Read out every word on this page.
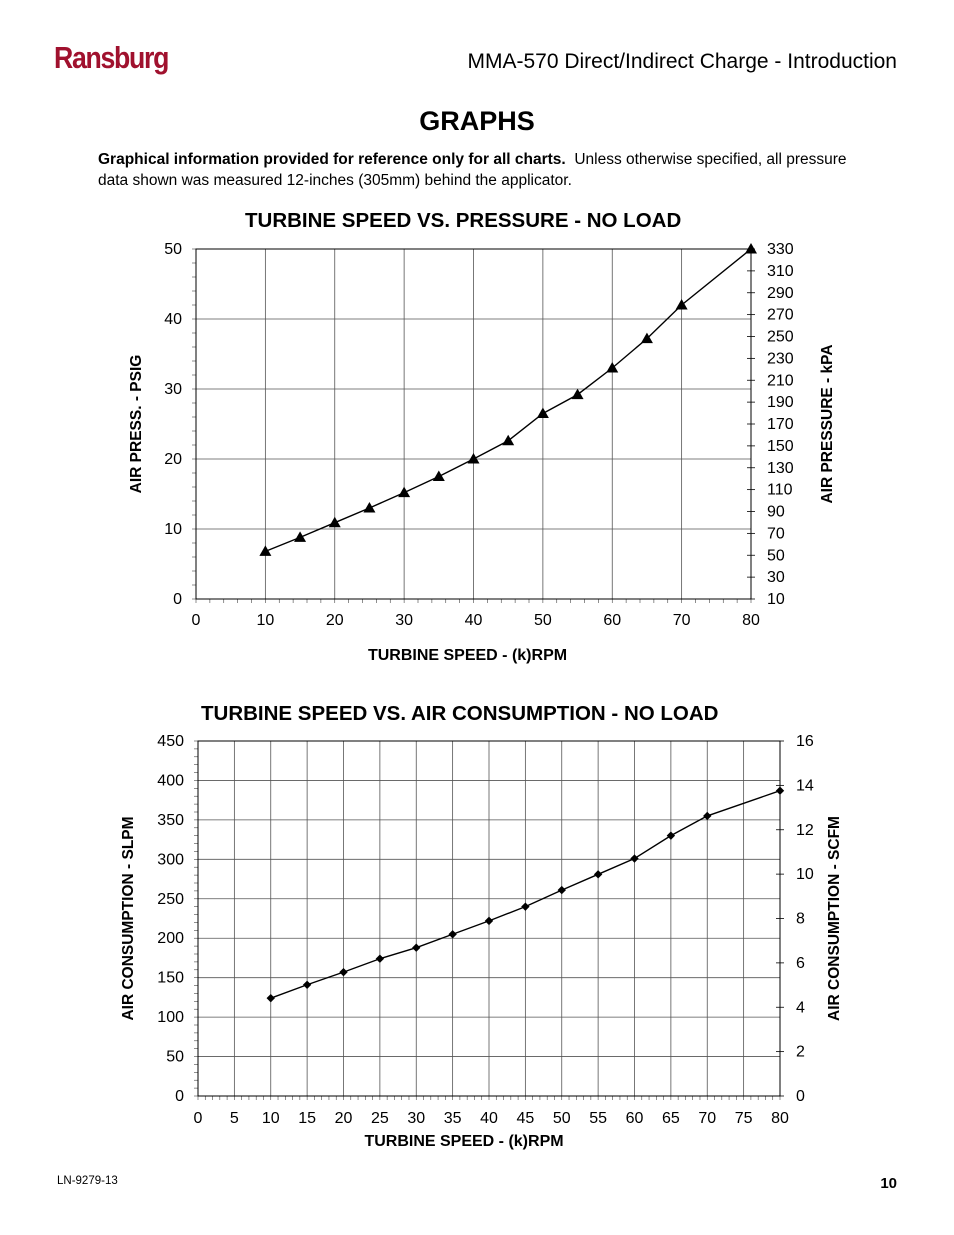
Ransburg	MMA-570 Direct/Indirect Charge - Introduction
GRAPHS
Graphical information provided for reference only for all charts. Unless otherwise specified, all pressure data shown was measured 12-inches (305mm) behind the applicator.
TURBINE SPEED VS. PRESSURE - NO LOAD
0	10	20	30	40	50	60	70	80
0
10
20
30
40
50
10
30
50
70
90
110
130
150
170
190
210
230
250
270
290
310
330
TURBINE SPEED - (k)RPM
AIR PRESS. - PSIG	AIR PRESSURE - kPA
TURBINE SPEED VS. AIR CONSUMPTION - NO LOAD
0 5 10 15 20 25 30 35 40 45 50 55 60 65 70 75 80
0
50
100
150
200
250
300
350
400
450
0
2
4
6
8
10
12
14
16
TURBINE SPEED - (k)RPM
AIR CONSUMPTION - SLPM	AIR CONSUMPTION - SCFM
LN-9279-13	10
